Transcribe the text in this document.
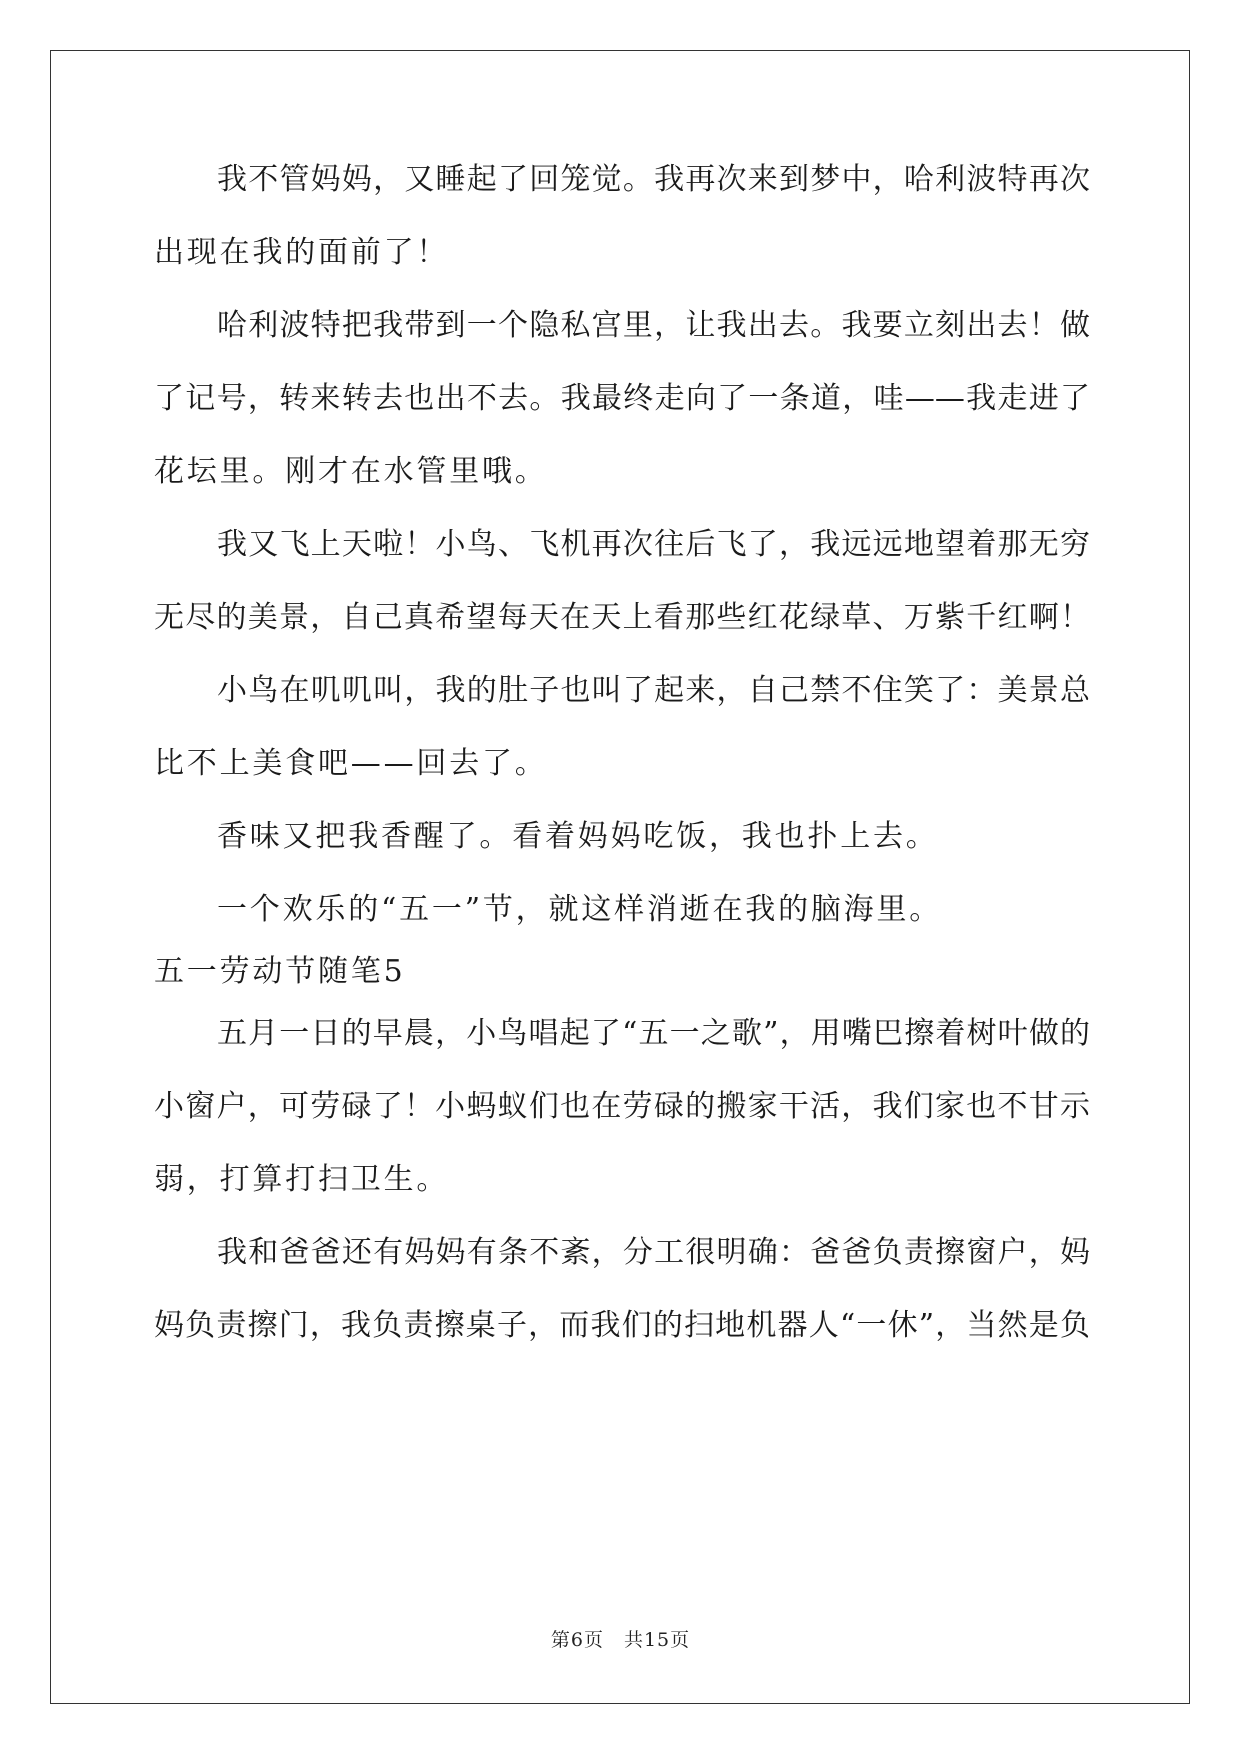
我不管妈妈，又睡起了回笼觉。我再次来到梦中，哈利波特再次
出现在我的面前了！
哈利波特把我带到一个隐私宫里，让我出去。我要立刻出去！做
了记号，转来转去也出不去。我最终走向了一条道，哇——我走进了
花坛里。刚才在水管里哦。
我又飞上天啦！小鸟、飞机再次往后飞了，我远远地望着那无穷
无尽的美景，自己真希望每天在天上看那些红花绿草、万紫千红啊！
小鸟在叽叽叫，我的肚子也叫了起来，自己禁不住笑了：美景总
比不上美食吧——回去了。
香味又把我香醒了。看着妈妈吃饭，我也扑上去。
一个欢乐的“五一”节，就这样消逝在我的脑海里。
五一劳动节随笔5
五月一日的早晨，小鸟唱起了“五一之歌”，用嘴巴擦着树叶做的
小窗户，可劳碌了！小蚂蚁们也在劳碌的搬家干活，我们家也不甘示
弱，打算打扫卫生。
我和爸爸还有妈妈有条不紊，分工很明确：爸爸负责擦窗户，妈
妈负责擦门，我负责擦桌子，而我们的扫地机器人“一休”，当然是负
第6页　共15页
